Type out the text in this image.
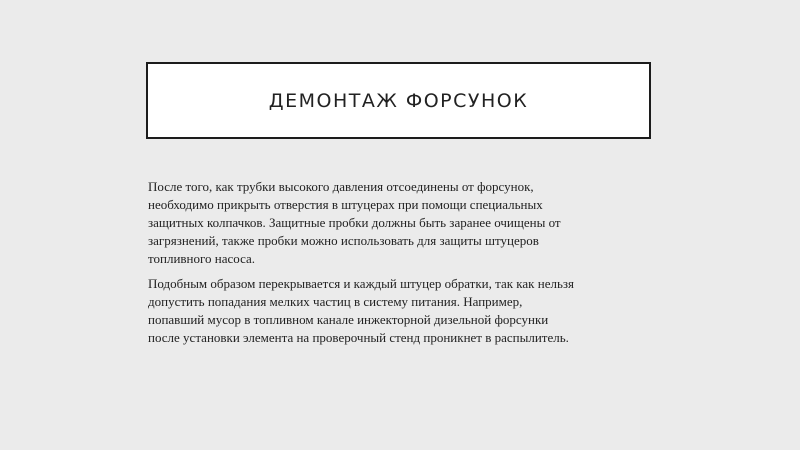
ДЕМОНТАЖ ФОРСУНОК

После того, как трубки высокого давления отсоединены от форсунок,
необходимо прикрыть отверстия в штуцерах при помощи специальных
защитных колпачков. Защитные пробки должны быть заранее очищены от
загрязнений, также пробки можно использовать для защиты штуцеров
топливного насоса.

Подобным образом перекрывается и каждый штуцер обратки, так как нельзя
допустить попадания мелких частиц в систему питания. Например,
попавший мусор в топливном канале инжекторной дизельной форсунки
после установки элемента на проверочный стенд проникнет в распылитель.
